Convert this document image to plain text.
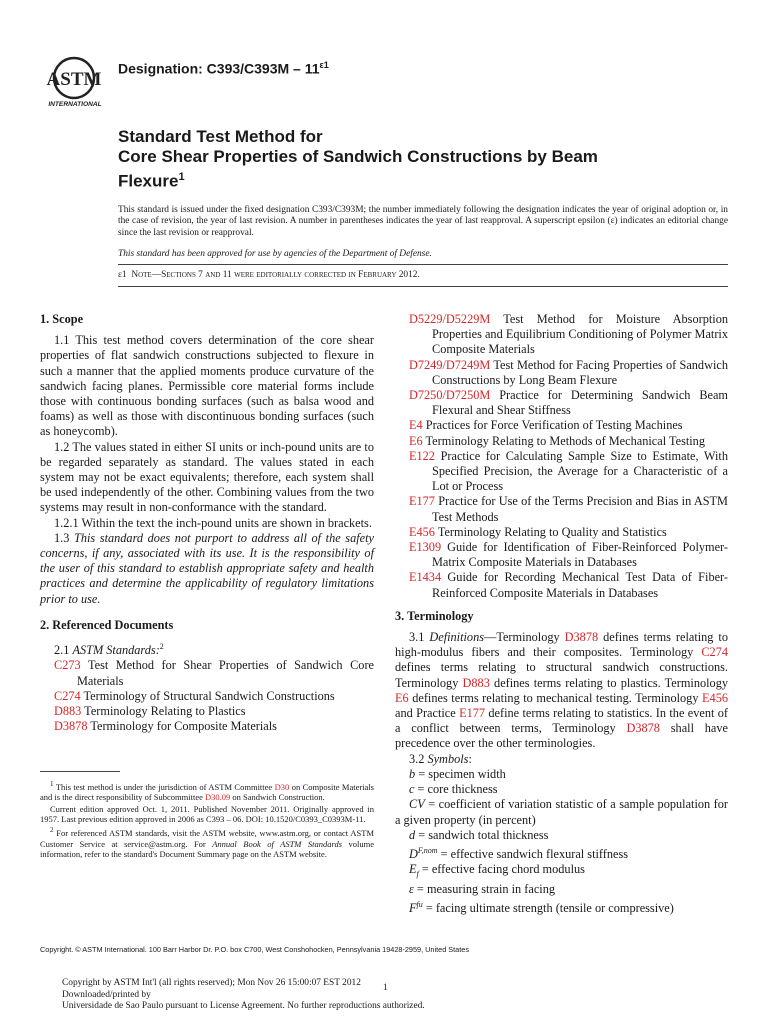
ASTM
INTERNATIONAL
Designation: $C393/C393M - 11^{\varepsilon 1}$
Standard Test Method for
Core Shear Properties of Sandwich Constructions by Beam
Flexure$^1$
This standard is issued under the fixed designation C393/C393M; the number immediately following the designation indicates the year of original adoption or, in the case of revision, the year of last revision. A number in parentheses indicates the year of last reapproval. A superscript epsilon (ε) indicates an editorial change since the last revision or reapproval.
This standard has been approved for use by agencies of the Department of Defense.
ε1 Note—Sections 7 and 11 were editorially corrected in February 2012.

1. Scope

1.1 This test method covers determination of the core shear properties of flat sandwich constructions subjected to flexure in such a manner that the applied moments produce curvature of the sandwich facing planes. Permissible core material forms include those with continuous bonding surfaces (such as balsa wood and foams) as well as those with discontinuous bonding surfaces (such as honeycomb).

1.2 The values stated in either SI units or inch-pound units are to be regarded separately as standard. The values stated in each system may not be exact equivalents; therefore, each system shall be used independently of the other. Combining values from the two systems may result in non-conformance with the standard.

1.2.1 Within the text the inch-pound units are shown in brackets.

1.3 This standard does not purport to address all of the safety concerns, if any, associated with its use. It is the responsibility of the user of this standard to establish appropriate safety and health practices and determine the applicability of regulatory limitations prior to use.

2. Referenced Documents

2.1 ASTM Standards:$^2$

C273 Test Method for Shear Properties of Sandwich Core Materials

C274 Terminology of Structural Sandwich Constructions

D883 Terminology Relating to Plastics

D3878 Terminology for Composite Materials

$^1$ This test method is under the jurisdiction of ASTM Committee D30 on Composite Materials and is the direct responsibility of Subcommittee D30.09 on Sandwich Construction.

Current edition approved Oct. 1, 2011. Published November 2011. Originally approved in 1957. Last previous edition approved in 2006 as C393 – 06. DOI: 10.1520/C0393_C0393M-11.

$^2$ For referenced ASTM standards, visit the ASTM website, www.astm.org, or contact ASTM Customer Service at service@astm.org. For Annual Book of ASTM Standards volume information, refer to the standard's Document Summary page on the ASTM website.

D5229/D5229M Test Method for Moisture Absorption Properties and Equilibrium Conditioning of Polymer Matrix Composite Materials

D7249/D7249M Test Method for Facing Properties of Sandwich Constructions by Long Beam Flexure

D7250/D7250M Practice for Determining Sandwich Beam Flexural and Shear Stiffness

E4 Practices for Force Verification of Testing Machines

E6 Terminology Relating to Methods of Mechanical Testing

E122 Practice for Calculating Sample Size to Estimate, With Specified Precision, the Average for a Characteristic of a Lot or Process

E177 Practice for Use of the Terms Precision and Bias in ASTM Test Methods

E456 Terminology Relating to Quality and Statistics

E1309 Guide for Identification of Fiber-Reinforced Polymer-Matrix Composite Materials in Databases

E1434 Guide for Recording Mechanical Test Data of Fiber-Reinforced Composite Materials in Databases

3. Terminology

3.1 Definitions—Terminology D3878 defines terms relating to high-modulus fibers and their composites. Terminology C274 defines terms relating to structural sandwich constructions. Terminology D883 defines terms relating to plastics. Terminology E6 defines terms relating to mechanical testing. Terminology E456 and Practice E177 define terms relating to statistics. In the event of a conflict between terms, Terminology D3878 shall have precedence over the other terminologies.

3.2 Symbols:

b = specimen width

c = core thickness

CV = coefficient of variation statistic of a sample population for a given property (in percent)

d = sandwich total thickness

$D^{F,nom}$ = effective sandwich flexural stiffness

$E_f$ = effective facing chord modulus

ε = measuring strain in facing

$F^{fu}$ = facing ultimate strength (tensile or compressive)

Copyright. © ASTM International. 100 Barr Harbor Dr. P.O. box C700, West Conshohocken, Pennsylvania 19428-2959, United States
Copyright by ASTM Int'l (all rights reserved); Mon Nov 26 15:00:07 EST 2012
Downloaded/printed by
Universidade de Sao Paulo pursuant to License Agreement. No further reproductions authorized.
1
